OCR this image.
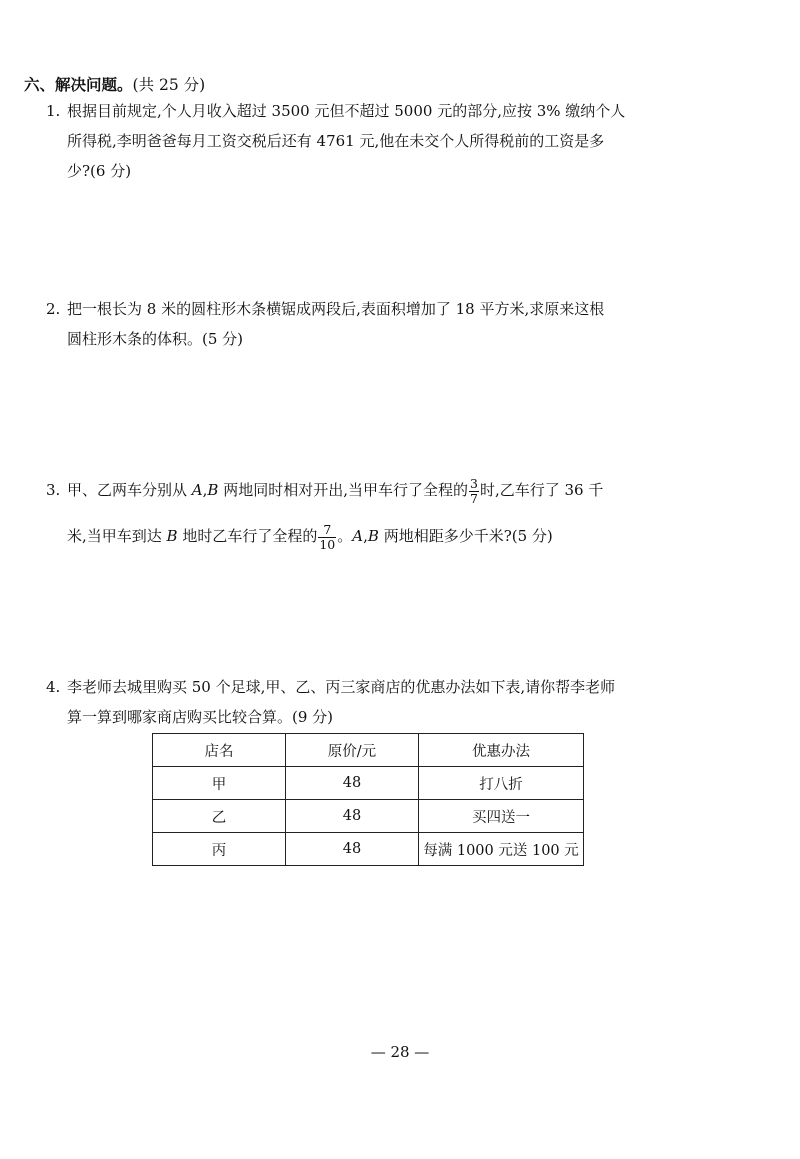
六、解决问题。(共 25 分)

1. 根据目前规定,个人月收入超过 3500 元但不超过 5000 元的部分,应按 3% 缴纳个人

所得税,李明爸爸每月工资交税后还有 4761 元,他在未交个人所得税前的工资是多

少?(6 分)

2. 把一根长为 8 米的圆柱形木条横锯成两段后,表面积增加了 18 平方米,求原来这根

圆柱形木条的体积。(5 分)

3. 甲、乙两车分别从 A,B 两地同时相对开出,当甲车行了全程的 $\frac{3}{7}$ 时,乙车行了 36 千

米,当甲车到达 B 地时乙车行了全程的 $\frac{7}{10}$ 。A,B 两地相距多少千米?(5 分)

4. 李老师去城里购买 50 个足球,甲、乙、丙三家商店的优惠办法如下表,请你帮李老师

算一算到哪家商店购买比较合算。(9 分)

店名	原价/元	优惠办法
甲	48	打八折
乙	48	买四送一
丙	48	每满 1000 元送 100 元
— 28 —
